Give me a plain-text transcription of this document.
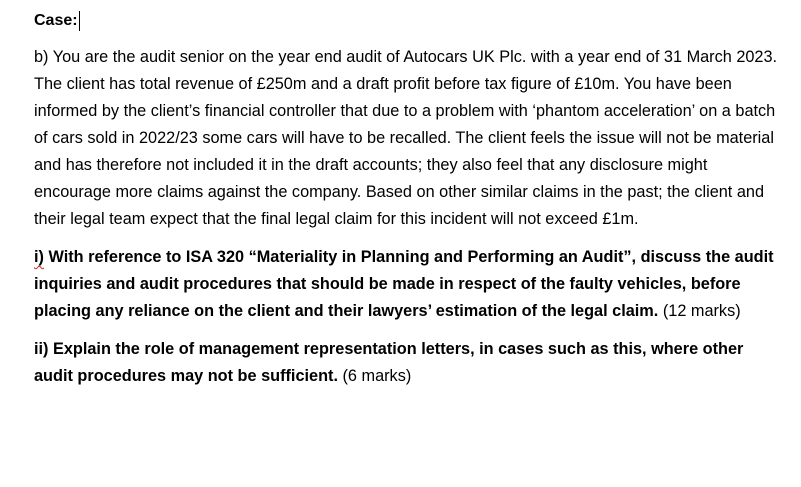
Case:

b) You are the audit senior on the year end audit of Autocars UK Plc. with a year end of 31 March 2023. The client has total revenue of £250m and a draft profit before tax figure of £10m. You have been informed by the client’s financial controller that due to a problem with ‘phantom acceleration’ on a batch of cars sold in 2022/23 some cars will have to be recalled. The client feels the issue will not be material and has therefore not included it in the draft accounts; they also feel that any disclosure might encourage more claims against the company. Based on other similar claims in the past; the client and their legal team expect that the final legal claim for this incident will not exceed £1m.

i) With reference to ISA 320 “Materiality in Planning and Performing an Audit”, discuss the audit inquiries and audit procedures that should be made in respect of the faulty vehicles, before placing any reliance on the client and their lawyers’ estimation of the legal claim. (12 marks)

ii) Explain the role of management representation letters, in cases such as this, where other audit procedures may not be sufficient. (6 marks)
